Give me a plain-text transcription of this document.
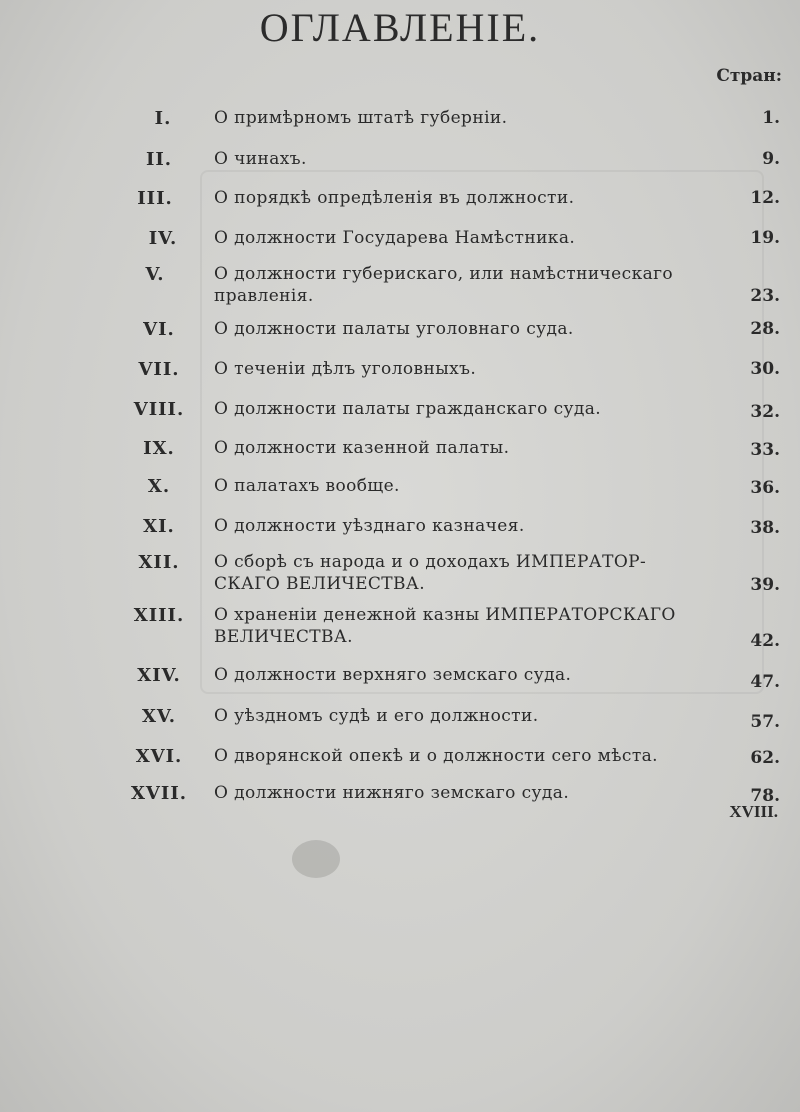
ОГЛАВЛЕНІЕ.
Стран:
I.	О примѣрномъ штатѣ губерніи.	1.
II.	О чинахъ.	9.
III.	О порядкѣ опредѣленія въ должности.	12.
IV.	О должности Государева Намѣстника.	19.
V.	О должности губерискаго, или намѣстническаго
правленія.	23.
VI.	О должности палаты уголовнаго суда.	28.
VII.	О теченіи дѣлъ уголовныхъ.	30.
VIII.	О должности палаты гражданскаго суда.	32.
IX.	О должности казенной палаты.	33.
X.	О палатахъ вообще.	36.
XI.	О должности уѣзднаго казначея.	38.
XII.	О сборѣ съ народа и о доходахъ ИМПЕРАТОР-
СКАГО ВЕЛИЧЕСТВА.	39.
XIII.	О храненіи денежной казны ИМПЕРАТОРСКАГО
ВЕЛИЧЕСТВА.	42.
XIV.	О должности верхняго земскаго суда.	47.
XV.	О уѣздномъ судѣ и его должности.	57.
XVI.	О дворянской опекѣ и о должности сего мѣста.	62.
XVII.	О должности нижняго земскаго суда.	78.
XVIII.
